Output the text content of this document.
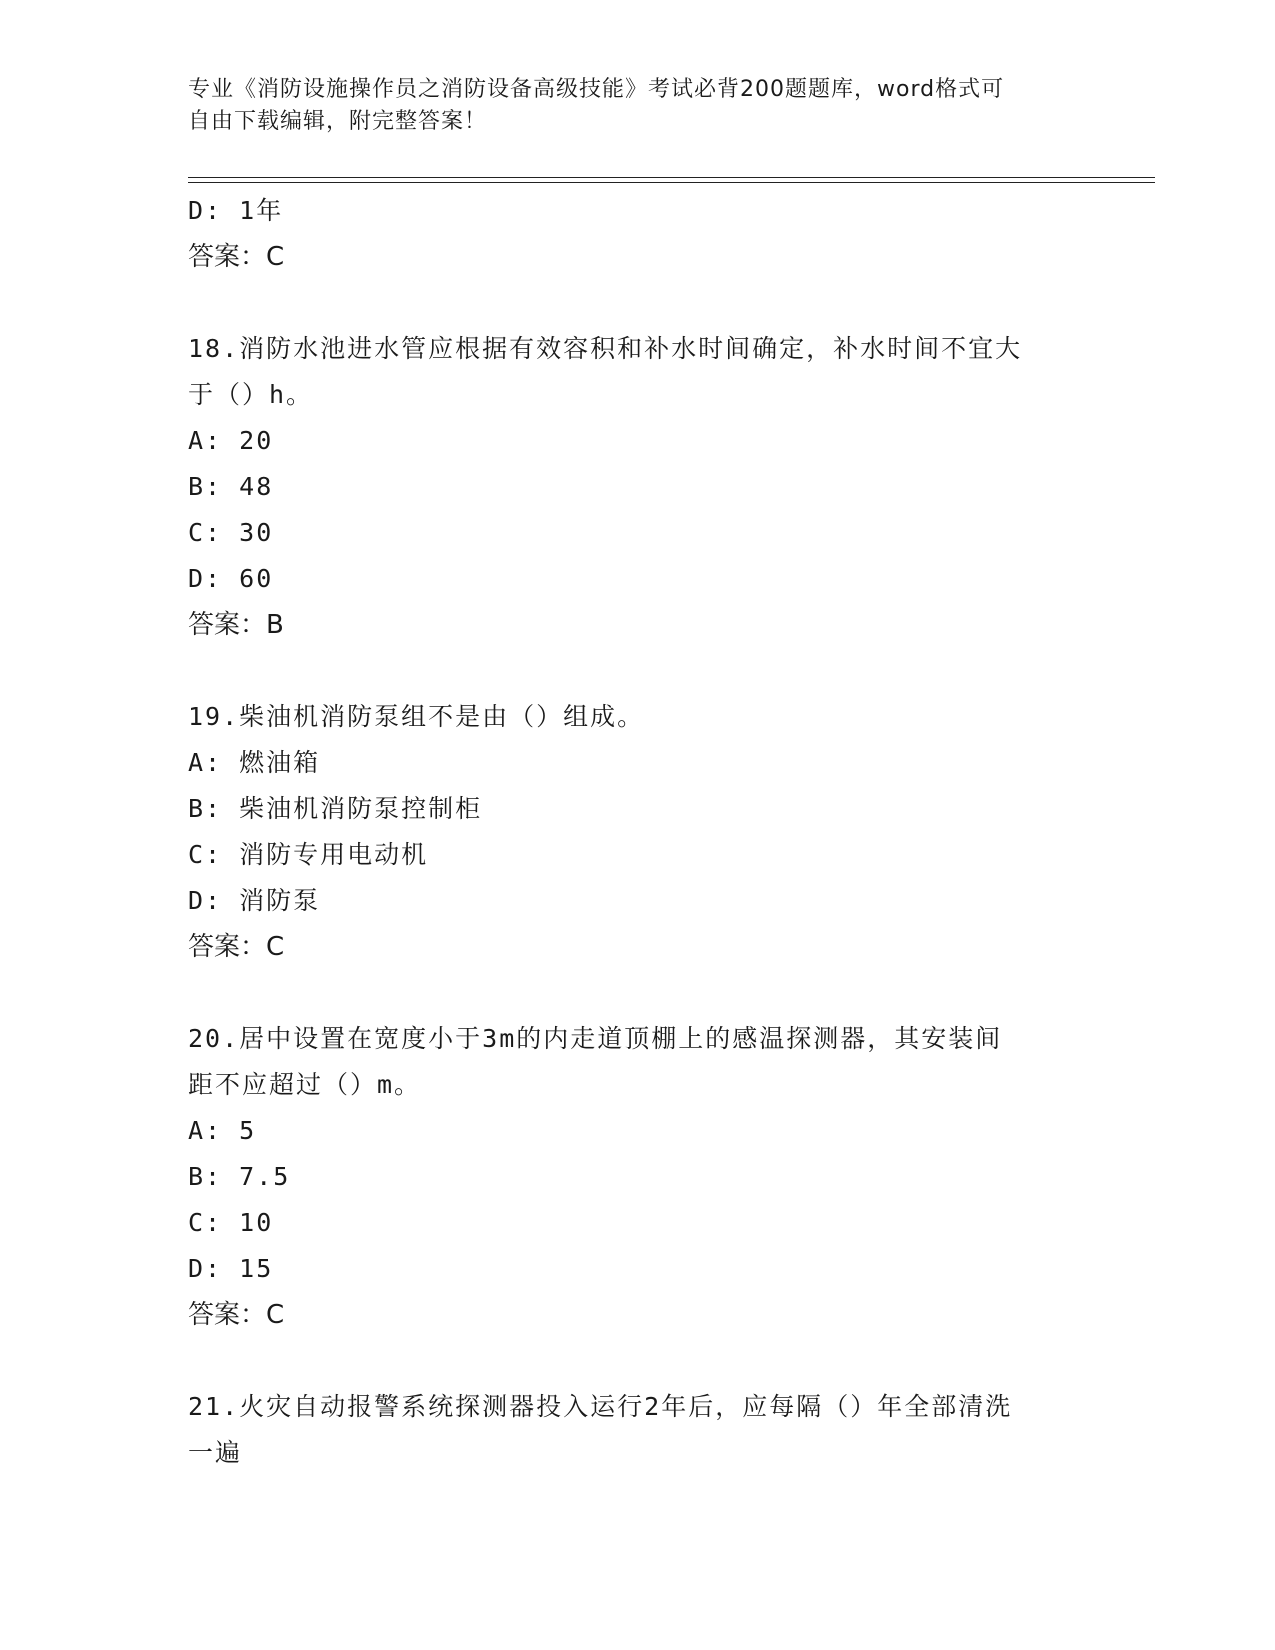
专业《消防设施操作员之消防设备高级技能》考试必背200题题库，word格式可

自由下载编辑，附完整答案！

D: 1年

答案：C

18.消防水池进水管应根据有效容积和补水时间确定，补水时间不宜大

于（）h。

A: 20

B: 48

C: 30

D: 60

答案：B

19.柴油机消防泵组不是由（）组成。

A: 燃油箱

B: 柴油机消防泵控制柜

C: 消防专用电动机

D: 消防泵

答案：C

20.居中设置在宽度小于3m的内走道顶棚上的感温探测器，其安装间

距不应超过（）m。

A: 5

B: 7.5

C: 10

D: 15

答案：C

21.火灾自动报警系统探测器投入运行2年后，应每隔（）年全部清洗

一遍
